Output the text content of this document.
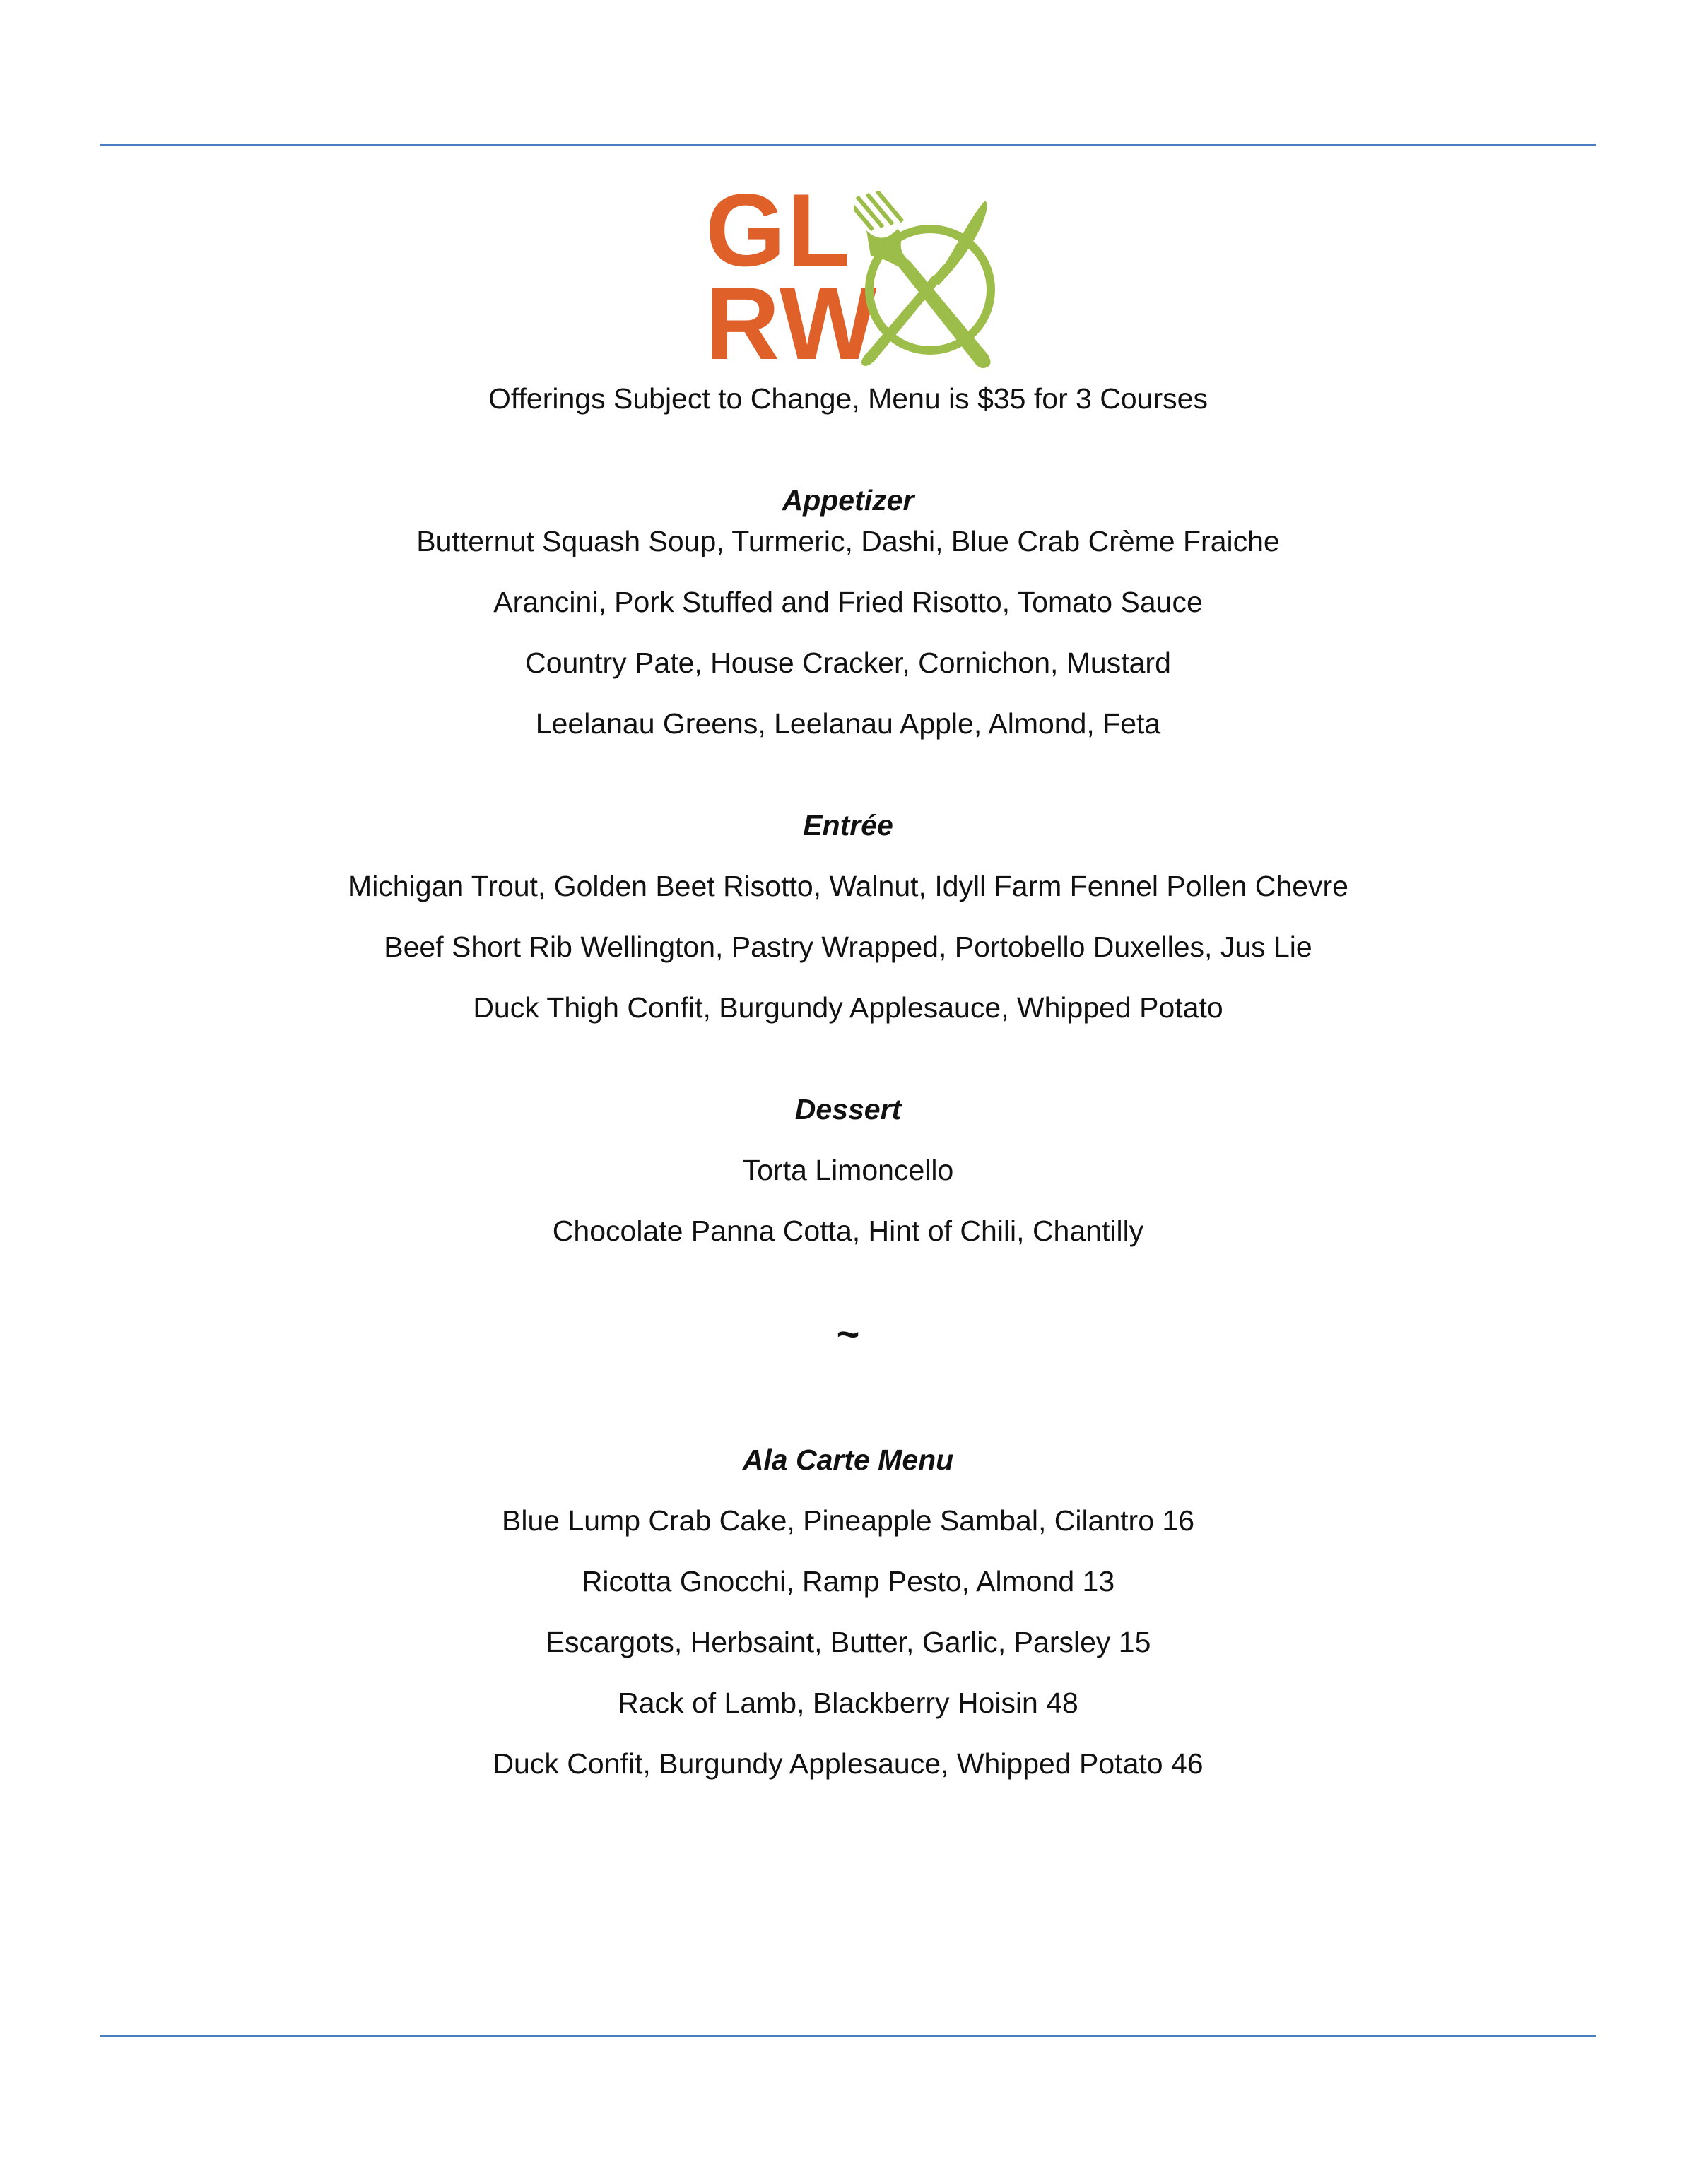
GL
RW
Offerings Subject to Change, Menu is $35 for 3 Courses
Appetizer
Butternut Squash Soup, Turmeric, Dashi, Blue Crab Crème Fraiche
Arancini, Pork Stuffed and Fried Risotto, Tomato Sauce
Country Pate, House Cracker, Cornichon, Mustard
Leelanau Greens, Leelanau Apple, Almond, Feta
Entrée
Michigan Trout, Golden Beet Risotto, Walnut, Idyll Farm Fennel Pollen Chevre
Beef Short Rib Wellington, Pastry Wrapped, Portobello Duxelles, Jus Lie
Duck Thigh Confit, Burgundy Applesauce, Whipped Potato
Dessert
Torta Limoncello
Chocolate Panna Cotta, Hint of Chili, Chantilly
~
Ala Carte Menu
Blue Lump Crab Cake, Pineapple Sambal, Cilantro 16
Ricotta Gnocchi, Ramp Pesto, Almond 13
Escargots, Herbsaint, Butter, Garlic, Parsley 15
Rack of Lamb, Blackberry Hoisin 48
Duck Confit, Burgundy Applesauce, Whipped Potato 46
